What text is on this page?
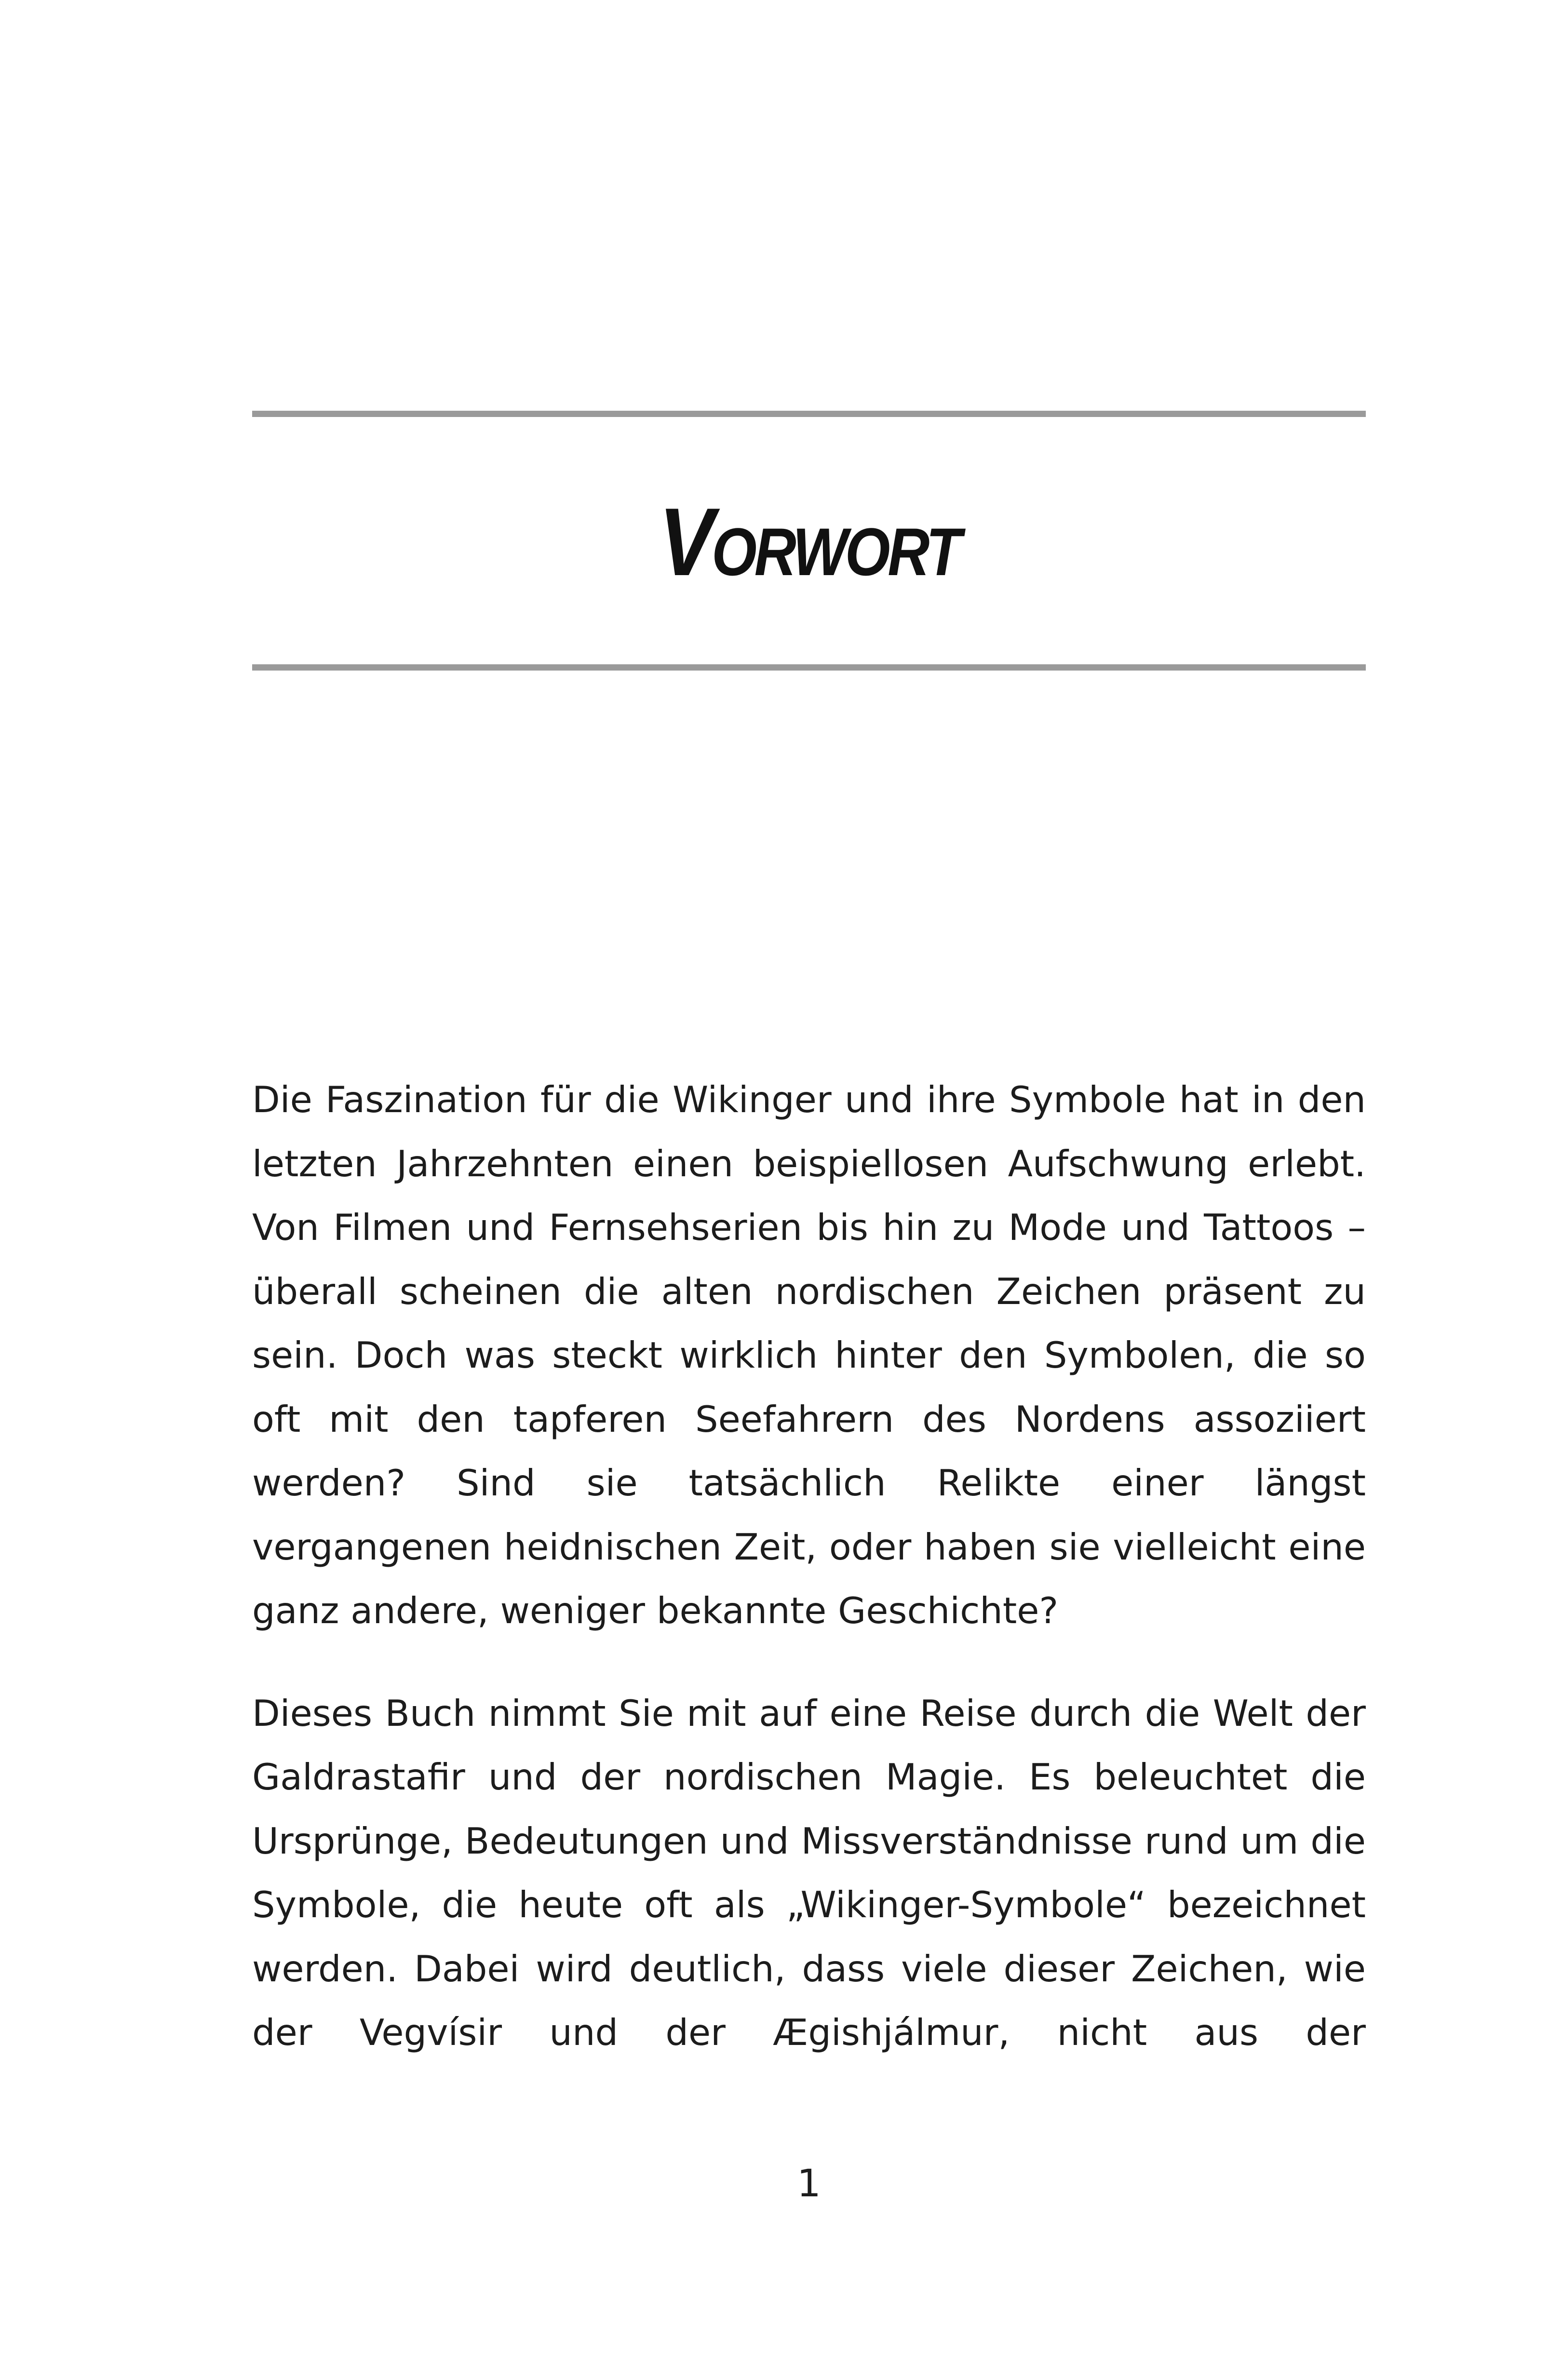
Vorwort

Die Faszination für die Wikinger und ihre Symbole hat in den letzten Jahrzehnten einen beispiellosen Aufschwung erlebt. Von Filmen und Fernsehserien bis hin zu Mode und Tattoos – überall scheinen die alten nordischen Zeichen präsent zu sein. Doch was steckt wirklich hinter den Symbolen, die so oft mit den tapferen Seefahrern des Nordens assoziiert werden? Sind sie tatsächlich Relikte einer längst vergangenen heidnischen Zeit, oder haben sie vielleicht eine ganz andere, weniger bekannte Geschichte?

Dieses Buch nimmt Sie mit auf eine Reise durch die Welt der Galdrastafir und der nordischen Magie. Es beleuchtet die Ursprünge, Bedeutungen und Missverständnisse rund um die Symbole, die heute oft als „Wikinger-Symbole“ bezeichnet werden. Dabei wird deutlich, dass viele dieser Zeichen, wie der Vegvísir und der Ægishjálmur, nicht aus der

1
